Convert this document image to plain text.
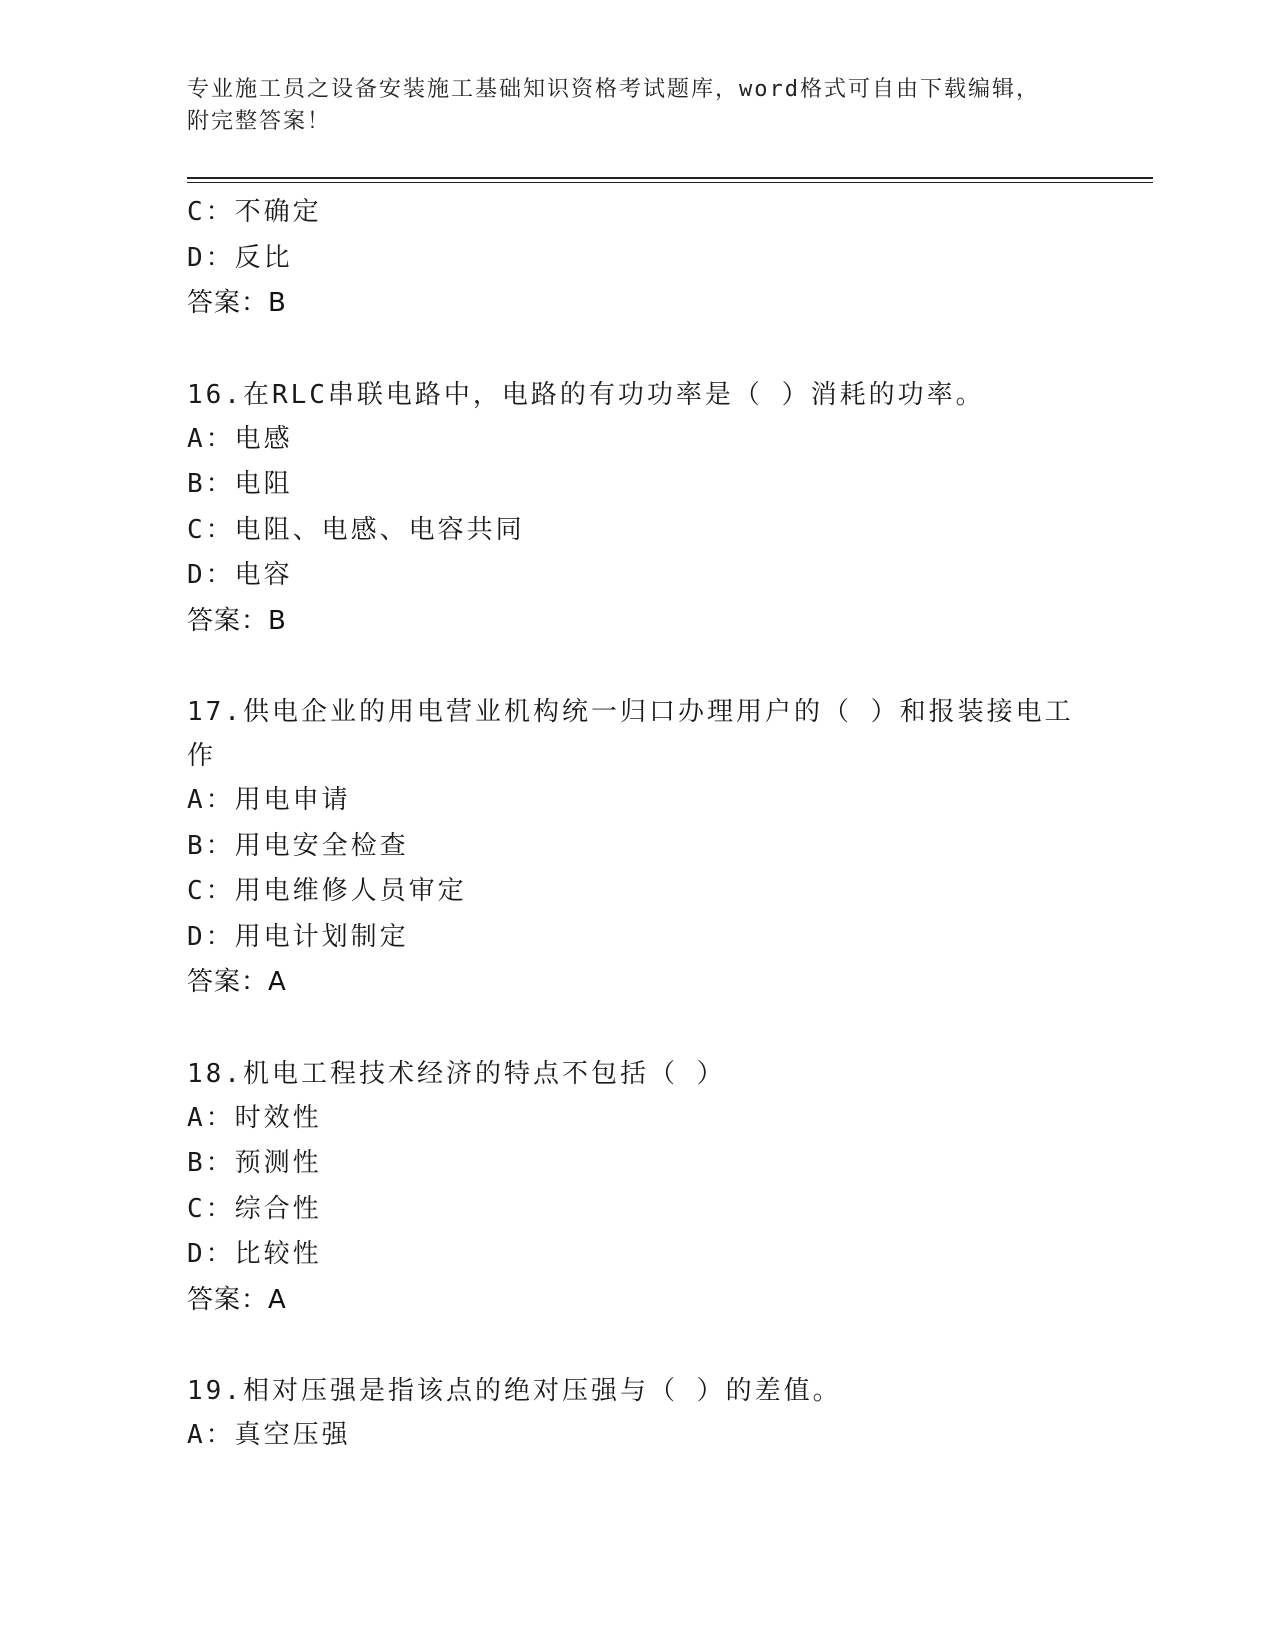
专业施工员之设备安装施工基础知识资格考试题库，word格式可自由下载编辑，
附完整答案！
C：不确定
D：反比
答案：B
16.在RLC串联电路中，电路的有功功率是（ ）消耗的功率。
A：电感
B：电阻
C：电阻、电感、电容共同
D：电容
答案：B
17.供电企业的用电营业机构统一归口办理用户的（ ）和报装接电工作
A：用电申请
B：用电安全检查
C：用电维修人员审定
D：用电计划制定
答案：A
18.机电工程技术经济的特点不包括（ ）
A：时效性
B：预测性
C：综合性
D：比较性
答案：A
19.相对压强是指该点的绝对压强与（ ）的差值。
A：真空压强
